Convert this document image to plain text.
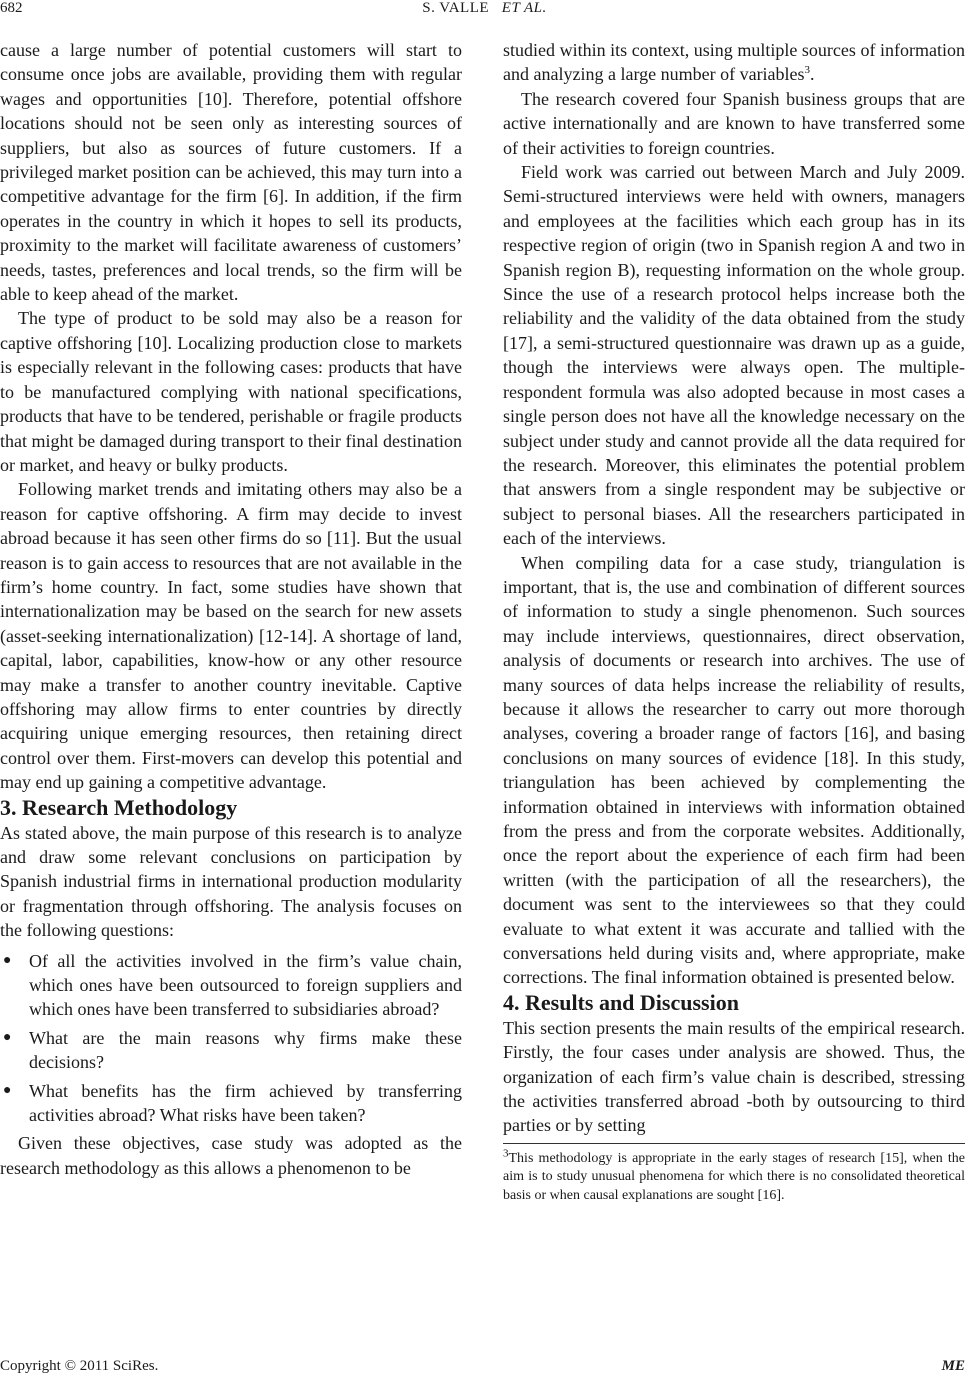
682	S. VALLE ET AL.

cause a large number of potential customers will start to consume once jobs are available, providing them with regular wages and opportunities [10]. Therefore, potential offshore locations should not be seen only as interesting sources of suppliers, but also as sources of future customers. If a privileged market position can be achieved, this may turn into a competitive advantage for the firm [6]. In addition, if the firm operates in the country in which it hopes to sell its products, proximity to the market will facilitate awareness of customers’ needs, tastes, preferences and local trends, so the firm will be able to keep ahead of the market.

The type of product to be sold may also be a reason for captive offshoring [10]. Localizing production close to markets is especially relevant in the following cases: products that have to be manufactured complying with national specifications, products that have to be tendered, perishable or fragile products that might be damaged during transport to their final destination or market, and heavy or bulky products.

Following market trends and imitating others may also be a reason for captive offshoring. A firm may decide to invest abroad because it has seen other firms do so [11]. But the usual reason is to gain access to resources that are not available in the firm’s home country. In fact, some studies have shown that internationalization may be based on the search for new assets (asset-seeking internationalization) [12-14]. A shortage of land, capital, labor, capabilities, know-how or any other resource may make a transfer to another country inevitable. Captive offshoring may allow firms to enter countries by directly acquiring unique emerging resources, then retaining direct control over them. First-movers can develop this potential and may end up gaining a competitive advantage.

3. Research Methodology

As stated above, the main purpose of this research is to analyze and draw some relevant conclusions on participation by Spanish industrial firms in international production modularity or fragmentation through offshoring. The analysis focuses on the following questions:

● Of all the activities involved in the firm’s value chain, which ones have been outsourced to foreign suppliers and which ones have been transferred to subsidiaries abroad?
● What are the main reasons why firms make these decisions?
● What benefits has the firm achieved by transferring activities abroad? What risks have been taken?

Given these objectives, case study was adopted as the research methodology as this allows a phenomenon to be

studied within its context, using multiple sources of information and analyzing a large number of variables$^3$.

The research covered four Spanish business groups that are active internationally and are known to have transferred some of their activities to foreign countries.

Field work was carried out between March and July 2009. Semi-structured interviews were held with owners, managers and employees at the facilities which each group has in its respective region of origin (two in Spanish region A and two in Spanish region B), requesting information on the whole group. Since the use of a research protocol helps increase both the reliability and the validity of the data obtained from the study [17], a semi-structured questionnaire was drawn up as a guide, though the interviews were always open. The multiple-respondent formula was also adopted because in most cases a single person does not have all the knowledge necessary on the subject under study and cannot provide all the data required for the research. Moreover, this eliminates the potential problem that answers from a single respondent may be subjective or subject to personal biases. All the researchers participated in each of the interviews.

When compiling data for a case study, triangulation is important, that is, the use and combination of different sources of information to study a single phenomenon. Such sources may include interviews, questionnaires, direct observation, analysis of documents or research into archives. The use of many sources of data helps increase the reliability of results, because it allows the researcher to carry out more thorough analyses, covering a broader range of factors [16], and basing conclusions on many sources of evidence [18]. In this study, triangulation has been achieved by complementing the information obtained in interviews with information obtained from the press and from the corporate websites. Additionally, once the report about the experience of each firm had been written (with the participation of all the researchers), the document was sent to the interviewees so that they could evaluate to what extent it was accurate and tallied with the conversations held during visits and, where appropriate, make corrections. The final information obtained is presented below.

4. Results and Discussion

This section presents the main results of the empirical research. Firstly, the four cases under analysis are showed. Thus, the organization of each firm’s value chain is described, stressing the activities transferred abroad -both by outsourcing to third parties or by setting

$^3$This methodology is appropriate in the early stages of research [15], when the aim is to study unusual phenomena for which there is no consolidated theoretical basis or when causal explanations are sought [16].
Copyright © 2011 SciRes.	ME
